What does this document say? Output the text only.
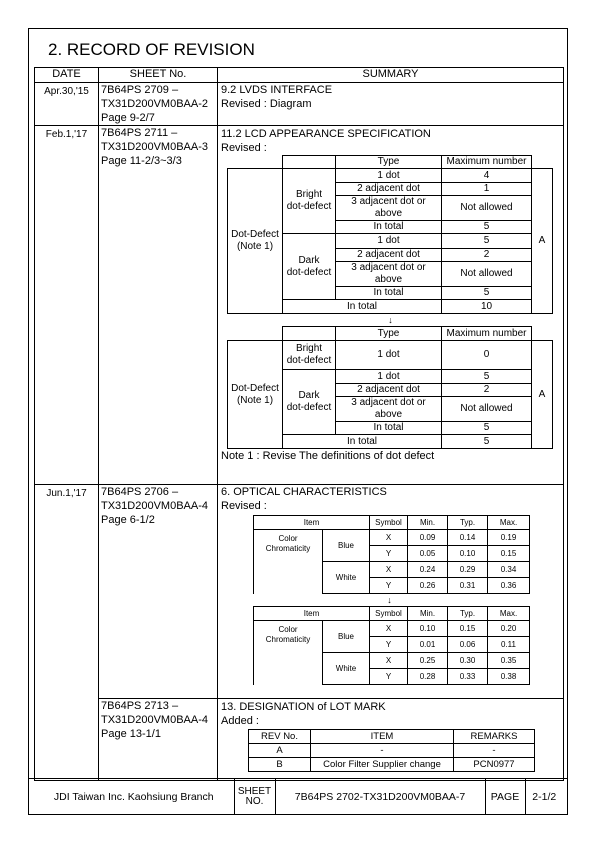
2. RECORD OF REVISION
DATE	SHEET No.	SUMMARY
Apr.30,'15	7B64PS 2709 –
TX31D200VM0BAA-2
Page 9-2/7

9.2 LVDS INTERFACE
Revised : Diagram

Feb.1,'17	7B64PS 2711 –
TX31D200VM0BAA-3
Page 11-2/3~3/3

11.2 LCD APPEARANCE SPECIFICATION
Revised :
		Type	Maximum number	
Dot-Defect
(Note 1)	Bright
dot-defect	1 dot	4	A
2 adjacent dot	1
3 adjacent dot or above	Not allowed
In total	5
Dark
dot-defect	1 dot	5
2 adjacent dot	2
3 adjacent dot or above	Not allowed
In total	5
In total	10
↓
		Type	Maximum number	
Dot-Defect
(Note 1)	Bright
dot-defect	1 dot	0	A
Dark
dot-defect	1 dot	5
2 adjacent dot	2
3 adjacent dot or above	Not allowed
In total	5
In total	5
Note 1 : Revise The definitions of dot defect

Jun.1,'17	7B64PS 2706 –
TX31D200VM0BAA-4
Page 6-1/2

6. OPTICAL CHARACTERISTICS
Revised :
Item	Symbol	Min.	Typ.	Max.
Color
Chromaticity	Blue	X	0.09	0.14	0.19
Y	0.05	0.10	0.15
White	X	0.24	0.29	0.34
Y	0.26	0.31	0.36
↓
Item	Symbol	Min.	Typ.	Max.
Color
Chromaticity	Blue	X	0.10	0.15	0.20
Y	0.01	0.06	0.11
White	X	0.25	0.30	0.35
Y	0.28	0.33	0.38

7B64PS 2713 –
TX31D200VM0BAA-4
Page 13-1/1

13. DESIGNATION of LOT MARK
Added :
REV No.	ITEM	REMARKS
A	-	-
B	Color Filter Supplier change	PCN0977
JDI Taiwan Inc. Kaohsiung Branch	SHEET
NO.	7B64PS 2702-TX31D200VM0BAA-7	PAGE	2-1/2
